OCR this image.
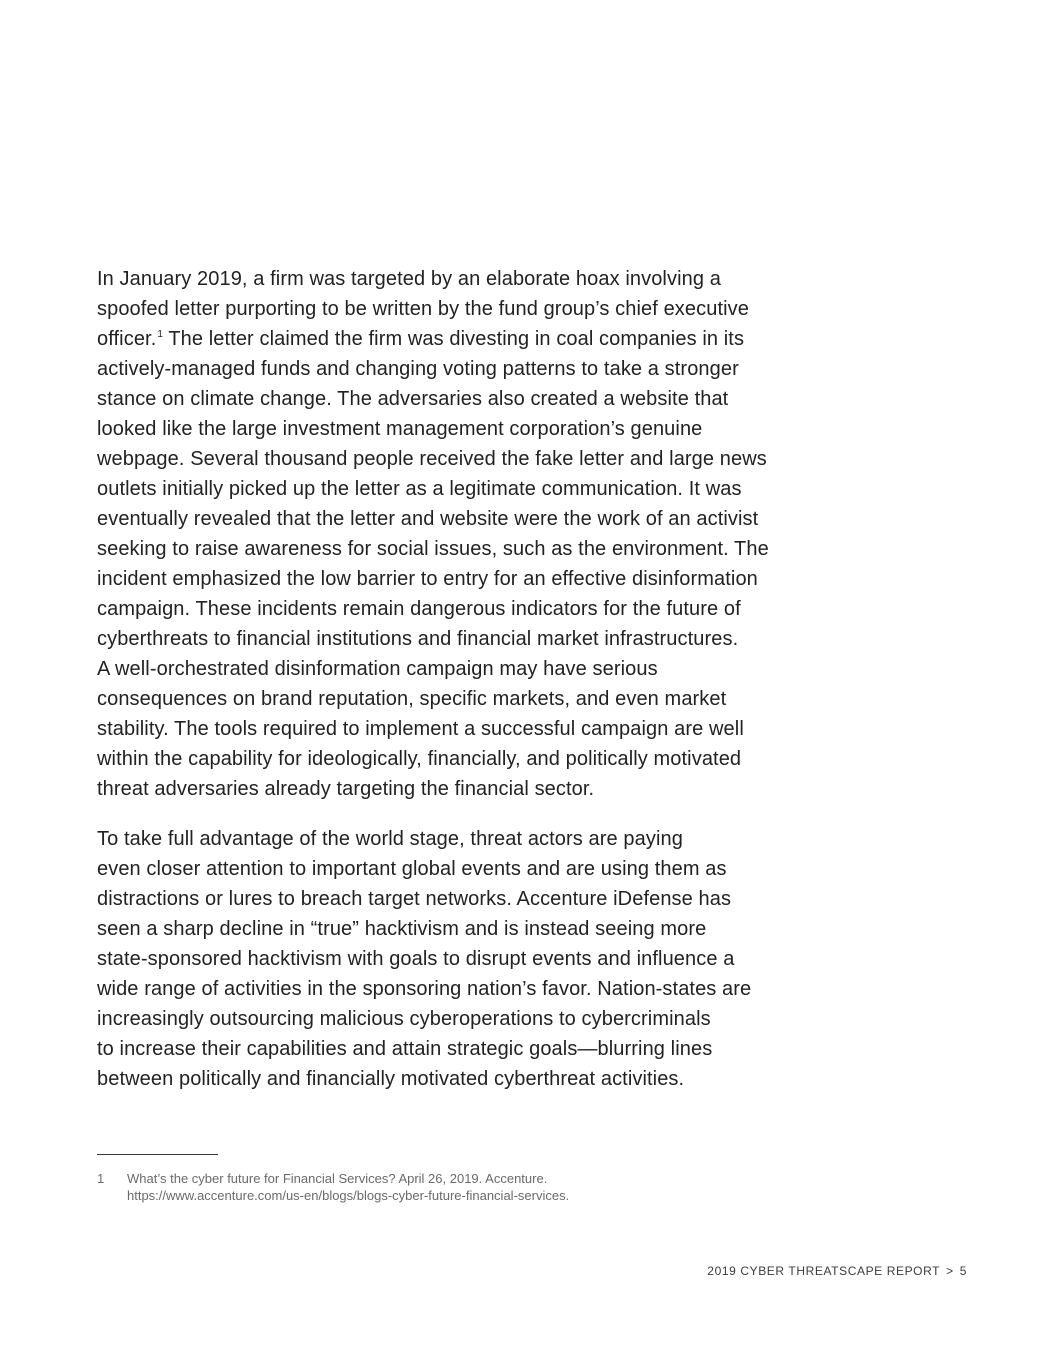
In January 2019, a firm was targeted by an elaborate hoax involving a
spoofed letter purporting to be written by the fund group’s chief executive
officer.$^1$ The letter claimed the firm was divesting in coal companies in its
actively-managed funds and changing voting patterns to take a stronger
stance on climate change. The adversaries also created a website that
looked like the large investment management corporation’s genuine
webpage. Several thousand people received the fake letter and large news
outlets initially picked up the letter as a legitimate communication. It was
eventually revealed that the letter and website were the work of an activist
seeking to raise awareness for social issues, such as the environment. The
incident emphasized the low barrier to entry for an effective disinformation
campaign. These incidents remain dangerous indicators for the future of
cyberthreats to financial institutions and financial market infrastructures.
A well-orchestrated disinformation campaign may have serious
consequences on brand reputation, specific markets, and even market
stability. The tools required to implement a successful campaign are well
within the capability for ideologically, financially, and politically motivated
threat adversaries already targeting the financial sector.

To take full advantage of the world stage, threat actors are paying
even closer attention to important global events and are using them as
distractions or lures to breach target networks. Accenture iDefense has
seen a sharp decline in “true” hacktivism and is instead seeing more
state-sponsored hacktivism with goals to disrupt events and influence a
wide range of activities in the sponsoring nation’s favor. Nation-states are
increasingly outsourcing malicious cyberoperations to cybercriminals
to increase their capabilities and attain strategic goals—blurring lines
between politically and financially motivated cyberthreat activities.

1	What’s the cyber future for Financial Services? April 26, 2019. Accenture.
https://www.accenture.com/us-en/blogs/blogs-cyber-future-financial-services.
2019 CYBER THREATSCAPE REPORT > 5
